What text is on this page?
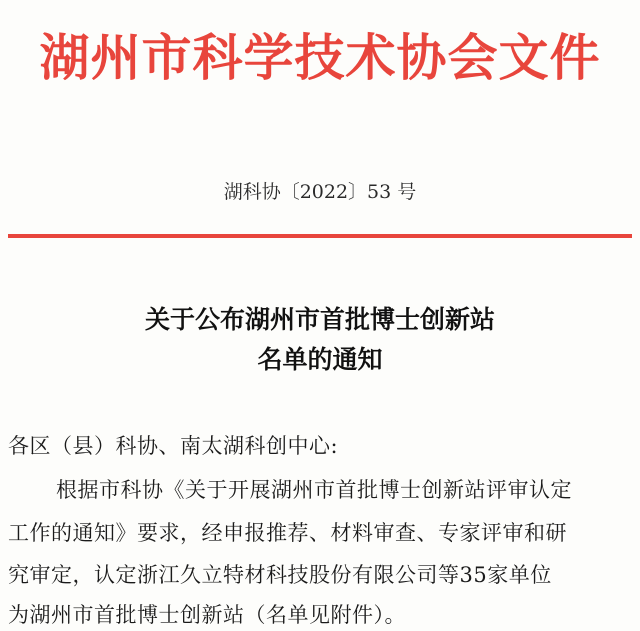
湖州市科学技术协会文件
湖科协〔2022〕53 号
关于公布湖州市首批博士创新站
名单的通知
各区（县）科协、南太湖科创中心:
根据市科协《关于开展湖州市首批博士创新站评审认定
工作的通知》要求，经申报推荐、材料审查、专家评审和研
究审定，认定浙江久立特材科技股份有限公司等35家单位
为湖州市首批博士创新站（名单见附件）。
